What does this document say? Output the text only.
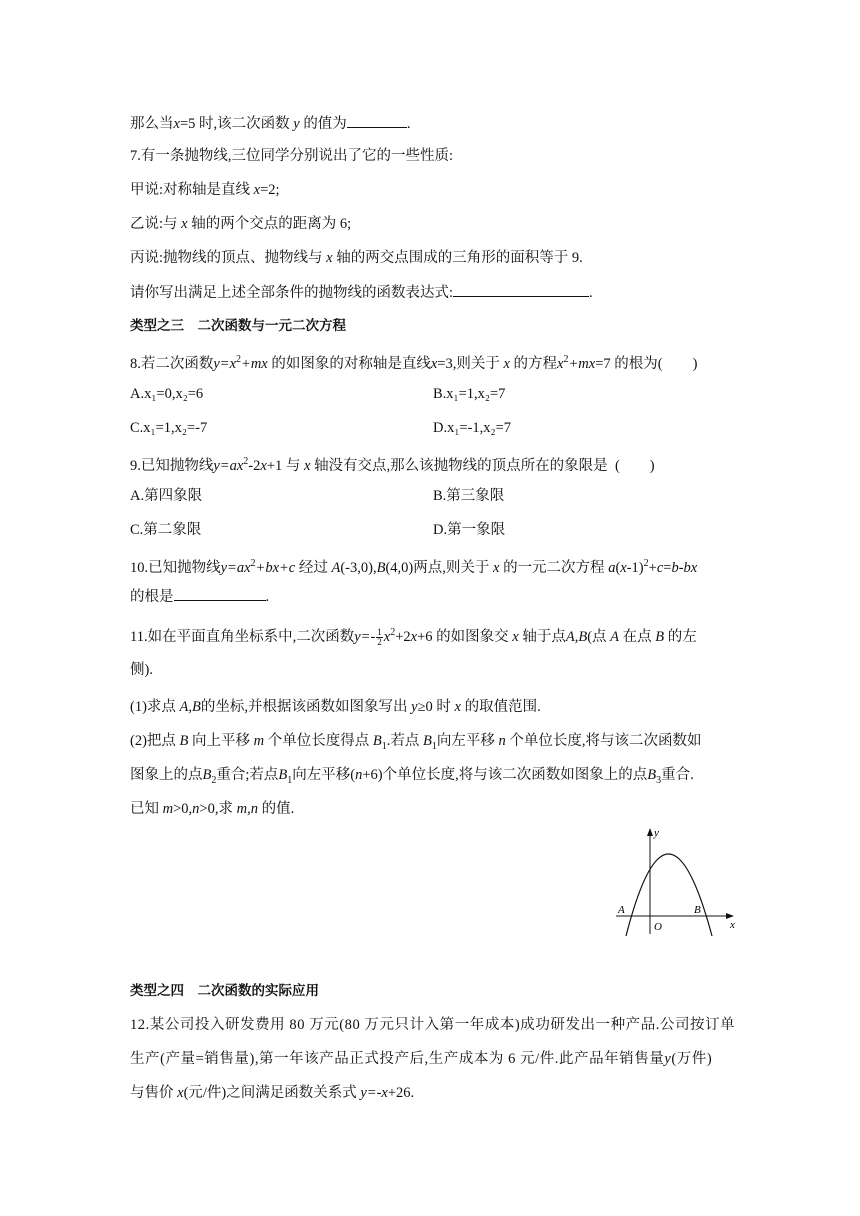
那么当x=5 时,该二次函数 y 的值为	.
7.有一条抛物线,三位同学分别说出了它的一些性质:
甲说:对称轴是直线 x=2;
乙说:与 x 轴的两个交点的距离为 6;
丙说:抛物线的顶点、抛物线与 x 轴的两交点围成的三角形的面积等于 9.
请你写出满足上述全部条件的抛物线的函数表达式:	.
类型之三　二次函数与一元二次方程
8.若二次函数$y=x^2+mx$ 的如图象的对称轴是直线x=3,则关于 x 的方程$x^2+mx=7$ 的根为( )
A.x₁=0,x₂=6	B.x₁=1,x₂=7
C.x₁=1,x₂=-7	D.x₁=-1,x₂=7
9.已知抛物线$y=ax^2-2x+1$ 与 x 轴没有交点,那么该抛物线的顶点所在的象限是 ( )
A.第四象限	B.第三象限
C.第二象限	D.第一象限
10.已知抛物线$y=ax^2+bx+c$ 经过 A(-3,0),B(4,0)两点,则关于 x 的一元二次方程 $a(x-1)^2+c=b-bx$
的根是	.
11.如在平面直角坐标系中,二次函数$y=- \frac{1}{2} x^2+2x+6$ 的如图象交 x 轴于点A,B(点 A 在点 B 的左
侧).
(1)求点 A,B的坐标,并根据该函数如图象写出 y≥0 时 x 的取值范围.
(2)把点 B 向上平移 m 个单位长度得点 $B_1$.若点 $B_1$向左平移 n 个单位长度,将与该二次函数如
图象上的点$B_2$重合;若点$B_1$向左平移(n+6)个单位长度,将与该二次函数如图象上的点$B_3$重合.
已知 m>0,n>0,求 m,n 的值.
y
x
A	B
O
类型之四　二次函数的实际应用
12.某公司投入研发费用 80 万元(80 万元只计入第一年成本)成功研发出一种产品.公司按订单
生产(产量=销售量),第一年该产品正式投产后,生产成本为 6 元/件.此产品年销售量y(万件)
与售价 x(元/件)之间满足函数关系式 y=-x+26.
